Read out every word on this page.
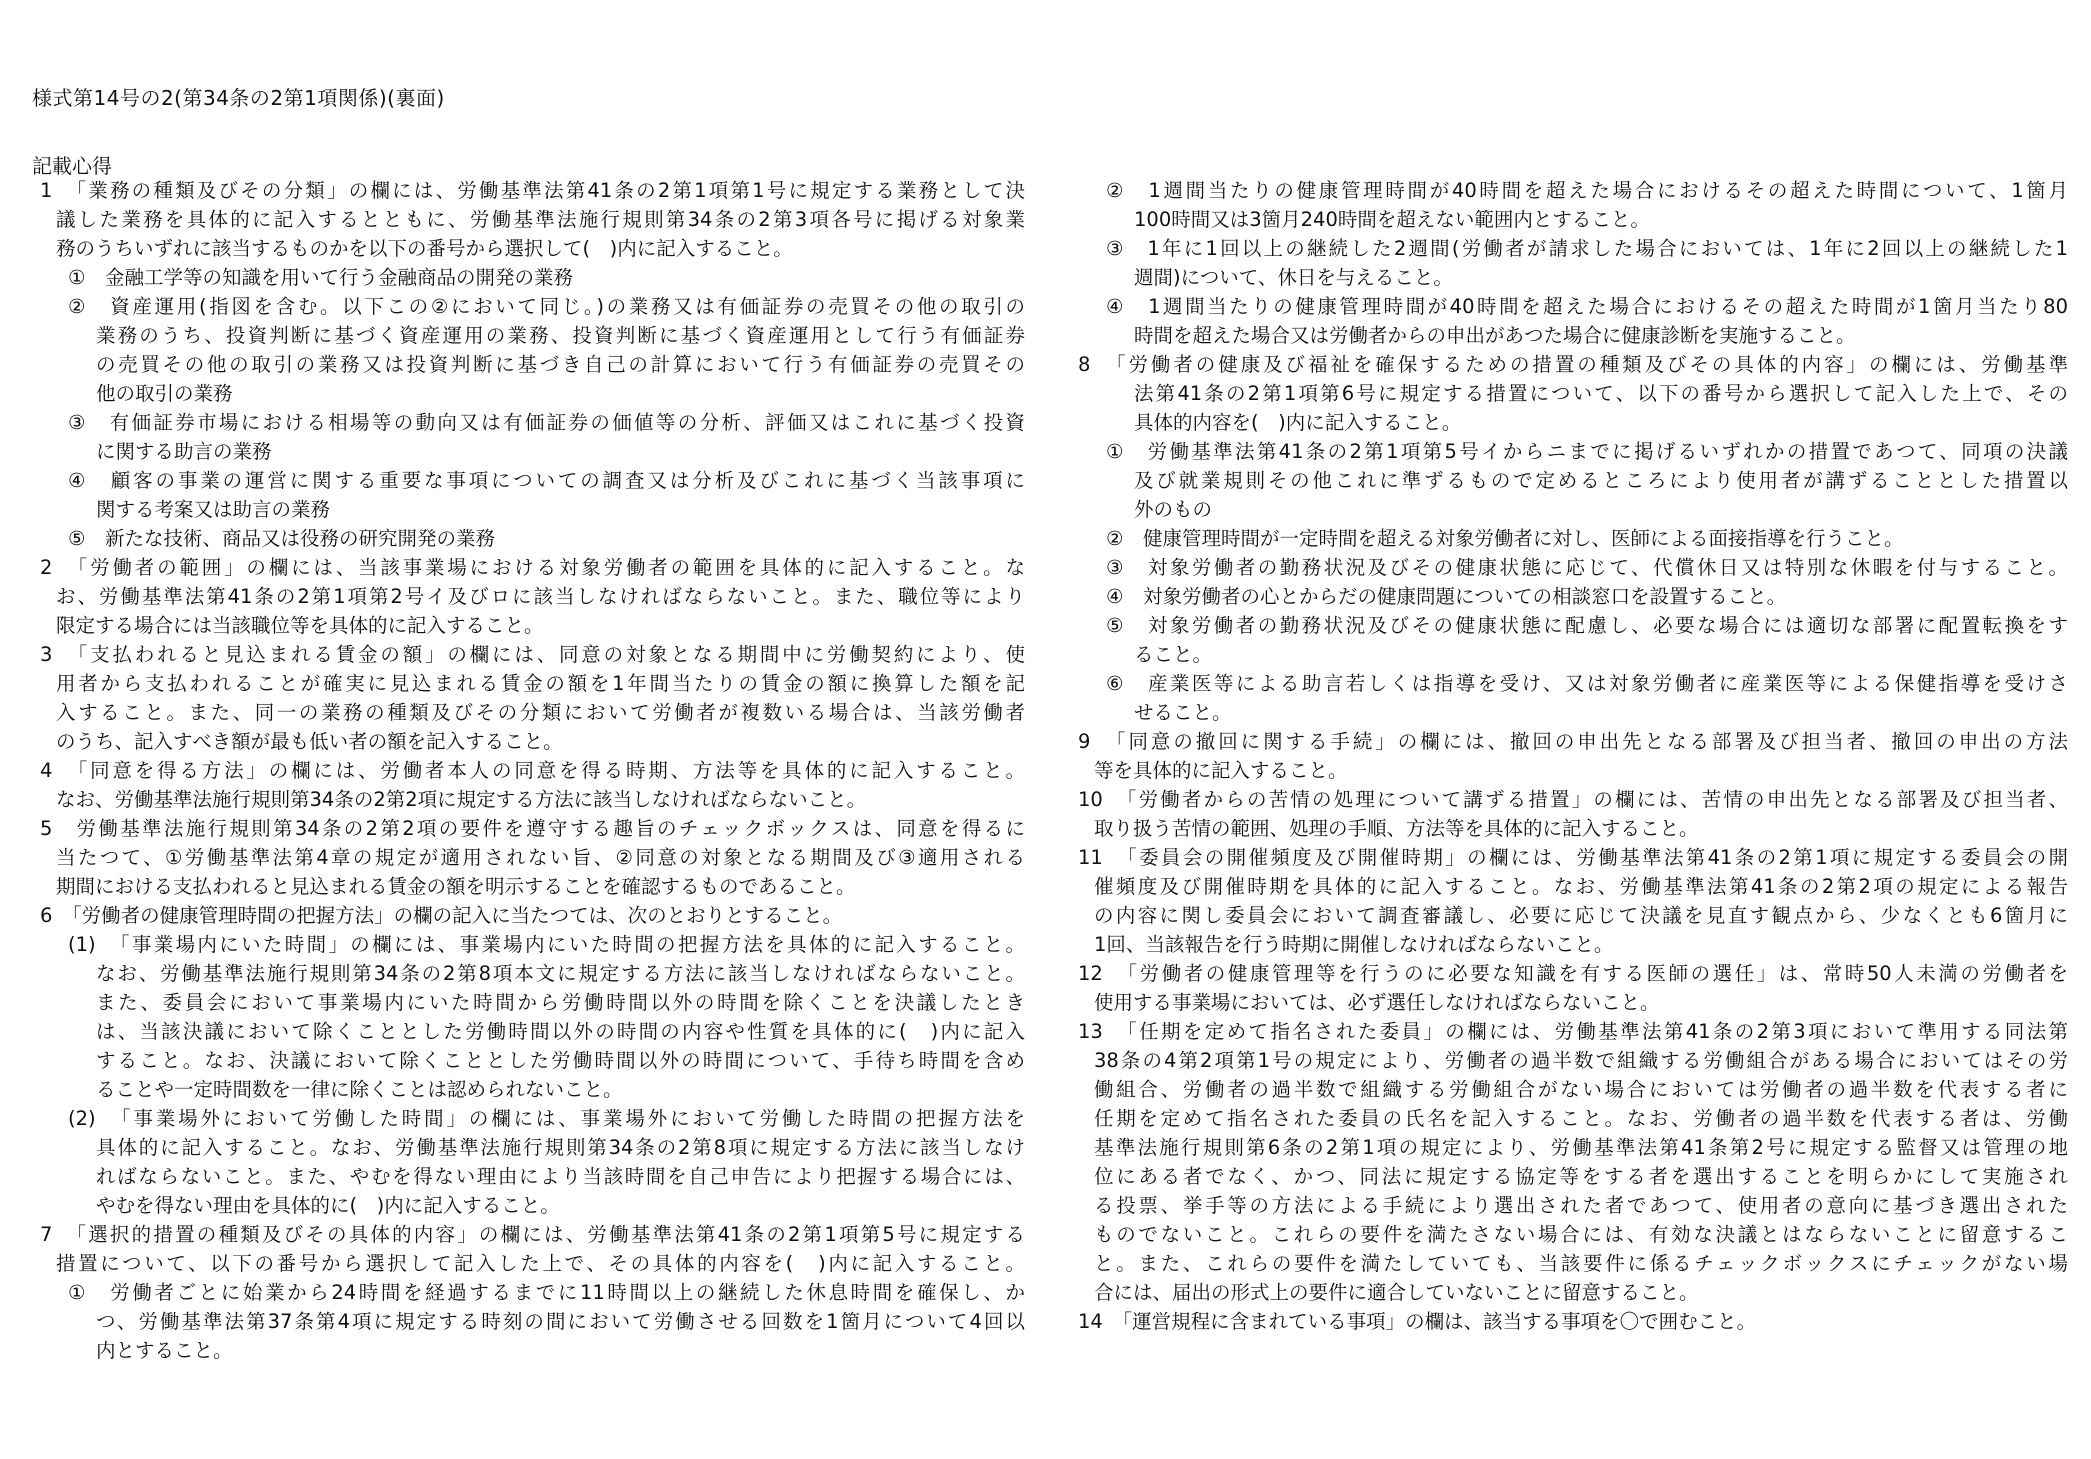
様式第14号の2(第34条の2第1項関係)(裏面)
記載心得
1　「業務の種類及びその分類」の欄には、労働基準法第41条の2第1項第1号に規定する業務として決
議した業務を具体的に記入するとともに、労働基準法施行規則第34条の2第3項各号に掲げる対象業
務のうちいずれに該当するものかを以下の番号から選択して(　)内に記入すること。
①　金融工学等の知識を用いて行う金融商品の開発の業務
②　資産運用(指図を含む。以下この②において同じ。)の業務又は有価証券の売買その他の取引の
業務のうち、投資判断に基づく資産運用の業務、投資判断に基づく資産運用として行う有価証券
の売買その他の取引の業務又は投資判断に基づき自己の計算において行う有価証券の売買その
他の取引の業務
③　有価証券市場における相場等の動向又は有価証券の価値等の分析、評価又はこれに基づく投資
に関する助言の業務
④　顧客の事業の運営に関する重要な事項についての調査又は分析及びこれに基づく当該事項に
関する考案又は助言の業務
⑤　新たな技術、商品又は役務の研究開発の業務
2　「労働者の範囲」の欄には、当該事業場における対象労働者の範囲を具体的に記入すること。な
お、労働基準法第41条の2第1項第2号イ及びロに該当しなければならないこと。また、職位等により
限定する場合には当該職位等を具体的に記入すること。
3　「支払われると見込まれる賃金の額」の欄には、同意の対象となる期間中に労働契約により、使
用者から支払われることが確実に見込まれる賃金の額を1年間当たりの賃金の額に換算した額を記
入すること。また、同一の業務の種類及びその分類において労働者が複数いる場合は、当該労働者
のうち、記入すべき額が最も低い者の額を記入すること。
4　「同意を得る方法」の欄には、労働者本人の同意を得る時期、方法等を具体的に記入すること。
なお、労働基準法施行規則第34条の2第2項に規定する方法に該当しなければならないこと。
5　労働基準法施行規則第34条の2第2項の要件を遵守する趣旨のチェックボックスは、同意を得るに
当たつて、①労働基準法第4章の規定が適用されない旨、②同意の対象となる期間及び③適用される
期間における支払われると見込まれる賃金の額を明示することを確認するものであること。
6　「労働者の健康管理時間の把握方法」の欄の記入に当たつては、次のとおりとすること。
(1)　「事業場内にいた時間」の欄には、事業場内にいた時間の把握方法を具体的に記入すること。
なお、労働基準法施行規則第34条の2第8項本文に規定する方法に該当しなければならないこと。
また、委員会において事業場内にいた時間から労働時間以外の時間を除くことを決議したとき
は、当該決議において除くこととした労働時間以外の時間の内容や性質を具体的に(　)内に記入
すること。なお、決議において除くこととした労働時間以外の時間について、手待ち時間を含め
ることや一定時間数を一律に除くことは認められないこと。
(2)　「事業場外において労働した時間」の欄には、事業場外において労働した時間の把握方法を
具体的に記入すること。なお、労働基準法施行規則第34条の2第8項に規定する方法に該当しなけ
ればならないこと。また、やむを得ない理由により当該時間を自己申告により把握する場合には、
やむを得ない理由を具体的に(　)内に記入すること。
7　「選択的措置の種類及びその具体的内容」の欄には、労働基準法第41条の2第1項第5号に規定する
措置について、以下の番号から選択して記入した上で、その具体的内容を(　)内に記入すること。
①　労働者ごとに始業から24時間を経過するまでに11時間以上の継続した休息時間を確保し、か
つ、労働基準法第37条第4項に規定する時刻の間において労働させる回数を1箇月について4回以
内とすること。
②　1週間当たりの健康管理時間が40時間を超えた場合におけるその超えた時間について、1箇月
100時間又は3箇月240時間を超えない範囲内とすること。
③　1年に1回以上の継続した2週間(労働者が請求した場合においては、1年に2回以上の継続した1
週間)について、休日を与えること。
④　1週間当たりの健康管理時間が40時間を超えた場合におけるその超えた時間が1箇月当たり80
時間を超えた場合又は労働者からの申出があつた場合に健康診断を実施すること。
8　「労働者の健康及び福祉を確保するための措置の種類及びその具体的内容」の欄には、労働基準
法第41条の2第1項第6号に規定する措置について、以下の番号から選択して記入した上で、その
具体的内容を(　)内に記入すること。
①　労働基準法第41条の2第1項第5号イからニまでに掲げるいずれかの措置であつて、同項の決議
及び就業規則その他これに準ずるもので定めるところにより使用者が講ずることとした措置以
外のもの
②　健康管理時間が一定時間を超える対象労働者に対し、医師による面接指導を行うこと。
③　対象労働者の勤務状況及びその健康状態に応じて、代償休日又は特別な休暇を付与すること。
④　対象労働者の心とからだの健康問題についての相談窓口を設置すること。
⑤　対象労働者の勤務状況及びその健康状態に配慮し、必要な場合には適切な部署に配置転換をす
ること。
⑥　産業医等による助言若しくは指導を受け、又は対象労働者に産業医等による保健指導を受けさ
せること。
9　「同意の撤回に関する手続」の欄には、撤回の申出先となる部署及び担当者、撤回の申出の方法
等を具体的に記入すること。
10　「労働者からの苦情の処理について講ずる措置」の欄には、苦情の申出先となる部署及び担当者、
取り扱う苦情の範囲、処理の手順、方法等を具体的に記入すること。
11　「委員会の開催頻度及び開催時期」の欄には、労働基準法第41条の2第1項に規定する委員会の開
催頻度及び開催時期を具体的に記入すること。なお、労働基準法第41条の2第2項の規定による報告
の内容に関し委員会において調査審議し、必要に応じて決議を見直す観点から、少なくとも6箇月に
1回、当該報告を行う時期に開催しなければならないこと。
12　「労働者の健康管理等を行うのに必要な知識を有する医師の選任」は、常時50人未満の労働者を
使用する事業場においては、必ず選任しなければならないこと。
13　「任期を定めて指名された委員」の欄には、労働基準法第41条の2第3項において準用する同法第
38条の4第2項第1号の規定により、労働者の過半数で組織する労働組合がある場合においてはその労
働組合、労働者の過半数で組織する労働組合がない場合においては労働者の過半数を代表する者に
任期を定めて指名された委員の氏名を記入すること。なお、労働者の過半数を代表する者は、労働
基準法施行規則第6条の2第1項の規定により、労働基準法第41条第2号に規定する監督又は管理の地
位にある者でなく、かつ、同法に規定する協定等をする者を選出することを明らかにして実施され
る投票、挙手等の方法による手続により選出された者であつて、使用者の意向に基づき選出された
ものでないこと。これらの要件を満たさない場合には、有効な決議とはならないことに留意するこ
と。また、これらの要件を満たしていても、当該要件に係るチェックボックスにチェックがない場
合には、届出の形式上の要件に適合していないことに留意すること。
14　「運営規程に含まれている事項」の欄は、該当する事項を〇で囲むこと。
